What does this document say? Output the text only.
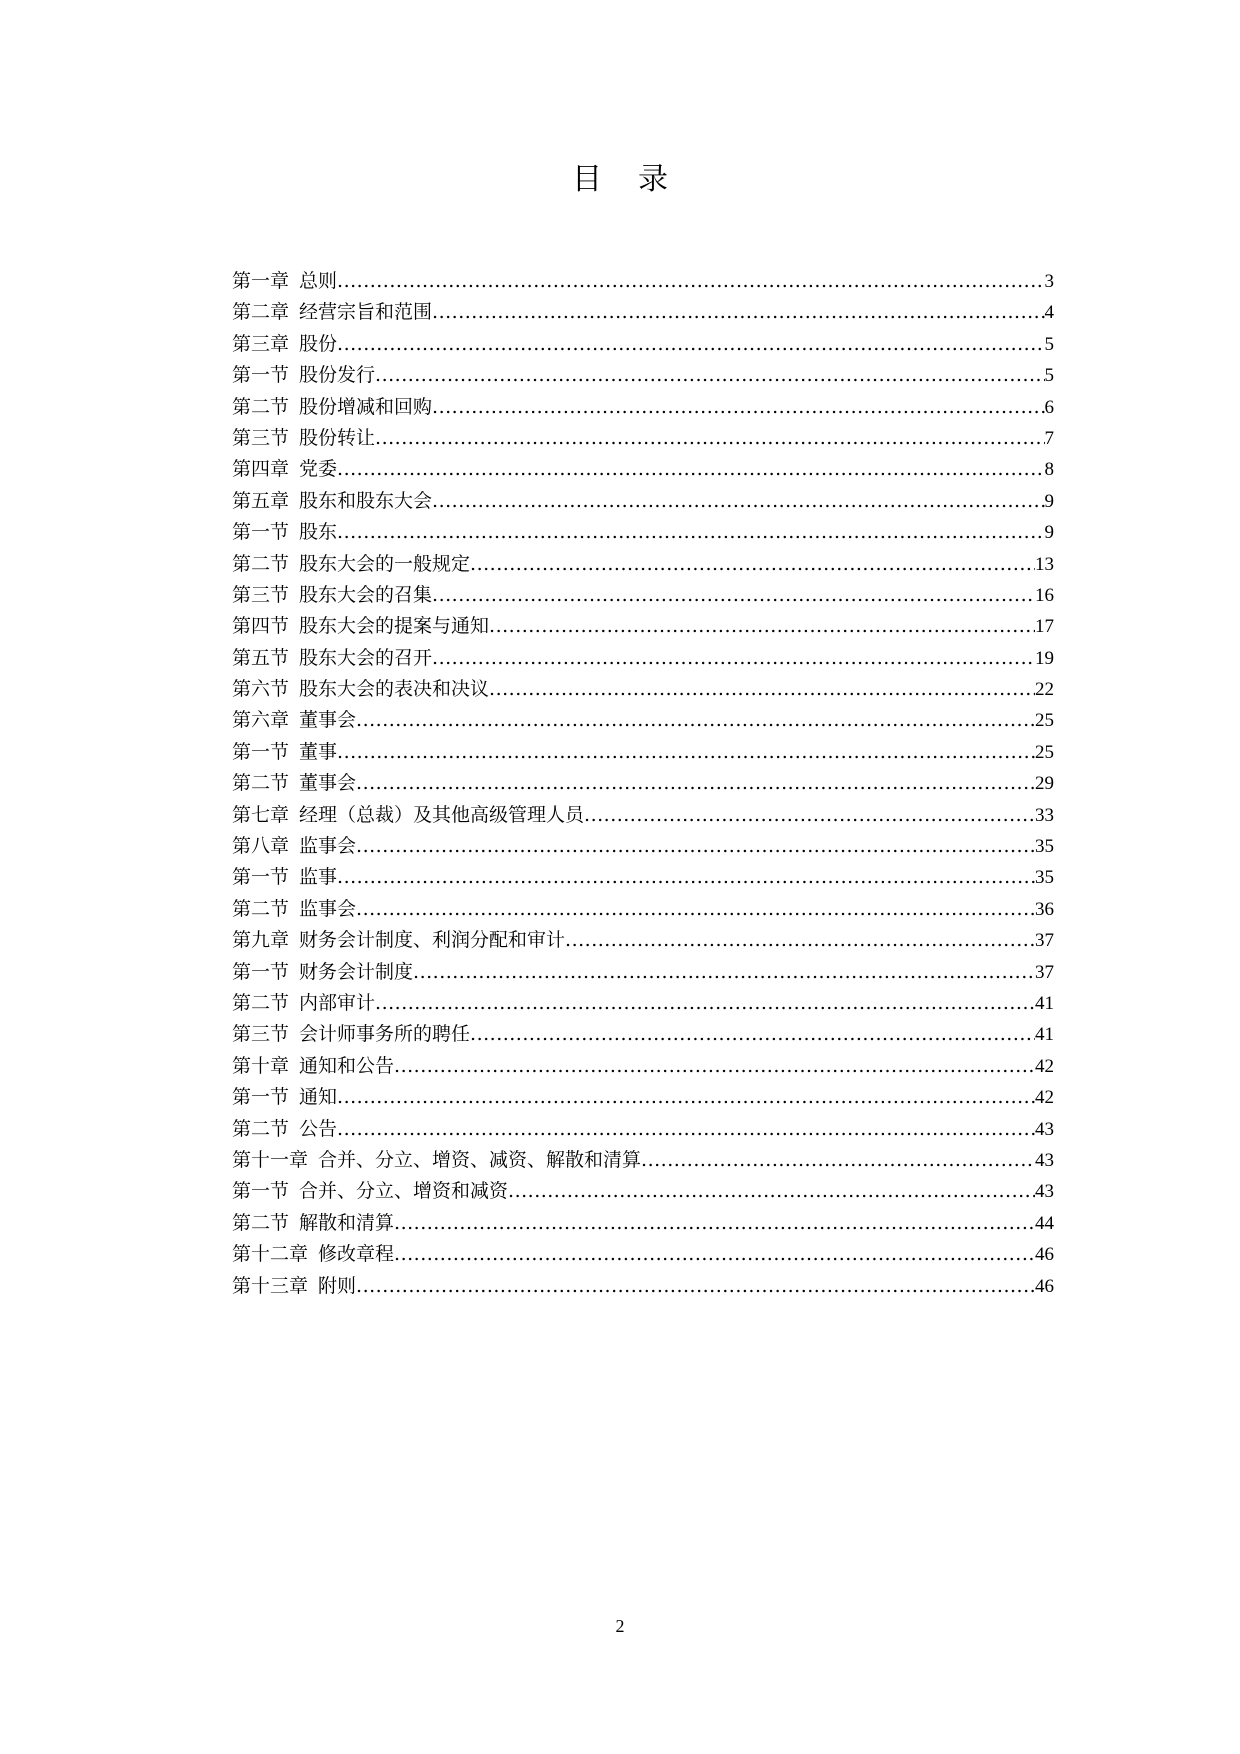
目 录
第一章 总则 .....	3
第二章 经营宗旨和范围 .....	4
第三章 股份 .....	5
第一节 股份发行 .....	5
第二节 股份增减和回购 .....	6
第三节 股份转让 .....	7
第四章 党委 .....	8
第五章 股东和股东大会 .....	9
第一节 股东 .....	9
第二节 股东大会的一般规定 .....	13
第三节 股东大会的召集 .....	16
第四节 股东大会的提案与通知 .....	17
第五节 股东大会的召开 .....	19
第六节 股东大会的表决和决议 .....	22
第六章 董事会 .....	25
第一节 董事 .....	25
第二节 董事会 .....	29
第七章 经理（总裁）及其他高级管理人员 .....	33
第八章 监事会 .....	35
第一节 监事 .....	35
第二节 监事会 .....	36
第九章 财务会计制度、利润分配和审计 .....	37
第一节 财务会计制度 .....	37
第二节 内部审计 .....	41
第三节 会计师事务所的聘任 .....	41
第十章 通知和公告 .....	42
第一节 通知 .....	42
第二节 公告 .....	43
第十一章 合并、分立、增资、减资、解散和清算 .....	43
第一节 合并、分立、增资和减资 .....	43
第二节 解散和清算 .....	44
第十二章 修改章程 .....	46
第十三章 附则 .....	46
2
